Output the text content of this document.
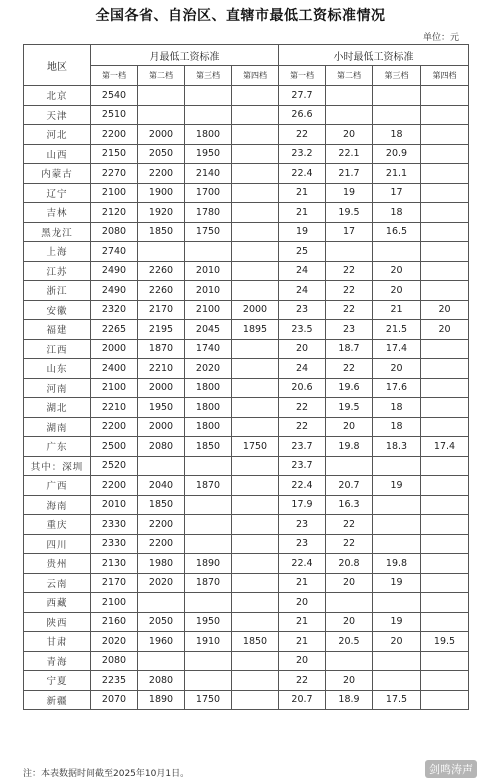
全国各省、自治区、直辖市最低工资标准情况
单位：元
地区	月最低工资标准				小时最低工资标准			
	第一档	第二档	第三档	第四档	第一档	第二档	第三档	第四档
北京	2540				27.7			
天津	2510				26.6			
河北	2200	2000	1800		22	20	18	
山西	2150	2050	1950		23.2	22.1	20.9	
内蒙古	2270	2200	2140		22.4	21.7	21.1	
辽宁	2100	1900	1700		21	19	17	
吉林	2120	1920	1780		21	19.5	18	
黑龙江	2080	1850	1750		19	17	16.5	
上海	2740				25			
江苏	2490	2260	2010		24	22	20	
浙江	2490	2260	2010		24	22	20	
安徽	2320	2170	2100	2000	23	22	21	20
福建	2265	2195	2045	1895	23.5	23	21.5	20
江西	2000	1870	1740		20	18.7	17.4	
山东	2400	2210	2020		24	22	20	
河南	2100	2000	1800		20.6	19.6	17.6	
湖北	2210	1950	1800		22	19.5	18	
湖南	2200	2000	1800		22	20	18	
广东	2500	2080	1850	1750	23.7	19.8	18.3	17.4
其中：深圳	2520				23.7			
广西	2200	2040	1870		22.4	20.7	19	
海南	2010	1850			17.9	16.3		
重庆	2330	2200			23	22		
四川	2330	2200			23	22		
贵州	2130	1980	1890		22.4	20.8	19.8	
云南	2170	2020	1870		21	20	19	
西藏	2100				20			
陕西	2160	2050	1950		21	20	19	
甘肃	2020	1960	1910	1850	21	20.5	20	19.5
青海	2080				20			
宁夏	2235	2080			22	20		
新疆	2070	1890	1750		20.7	18.9	17.5	
注：本表数据时间截至2025年10月1日。	剑鸣涛声
